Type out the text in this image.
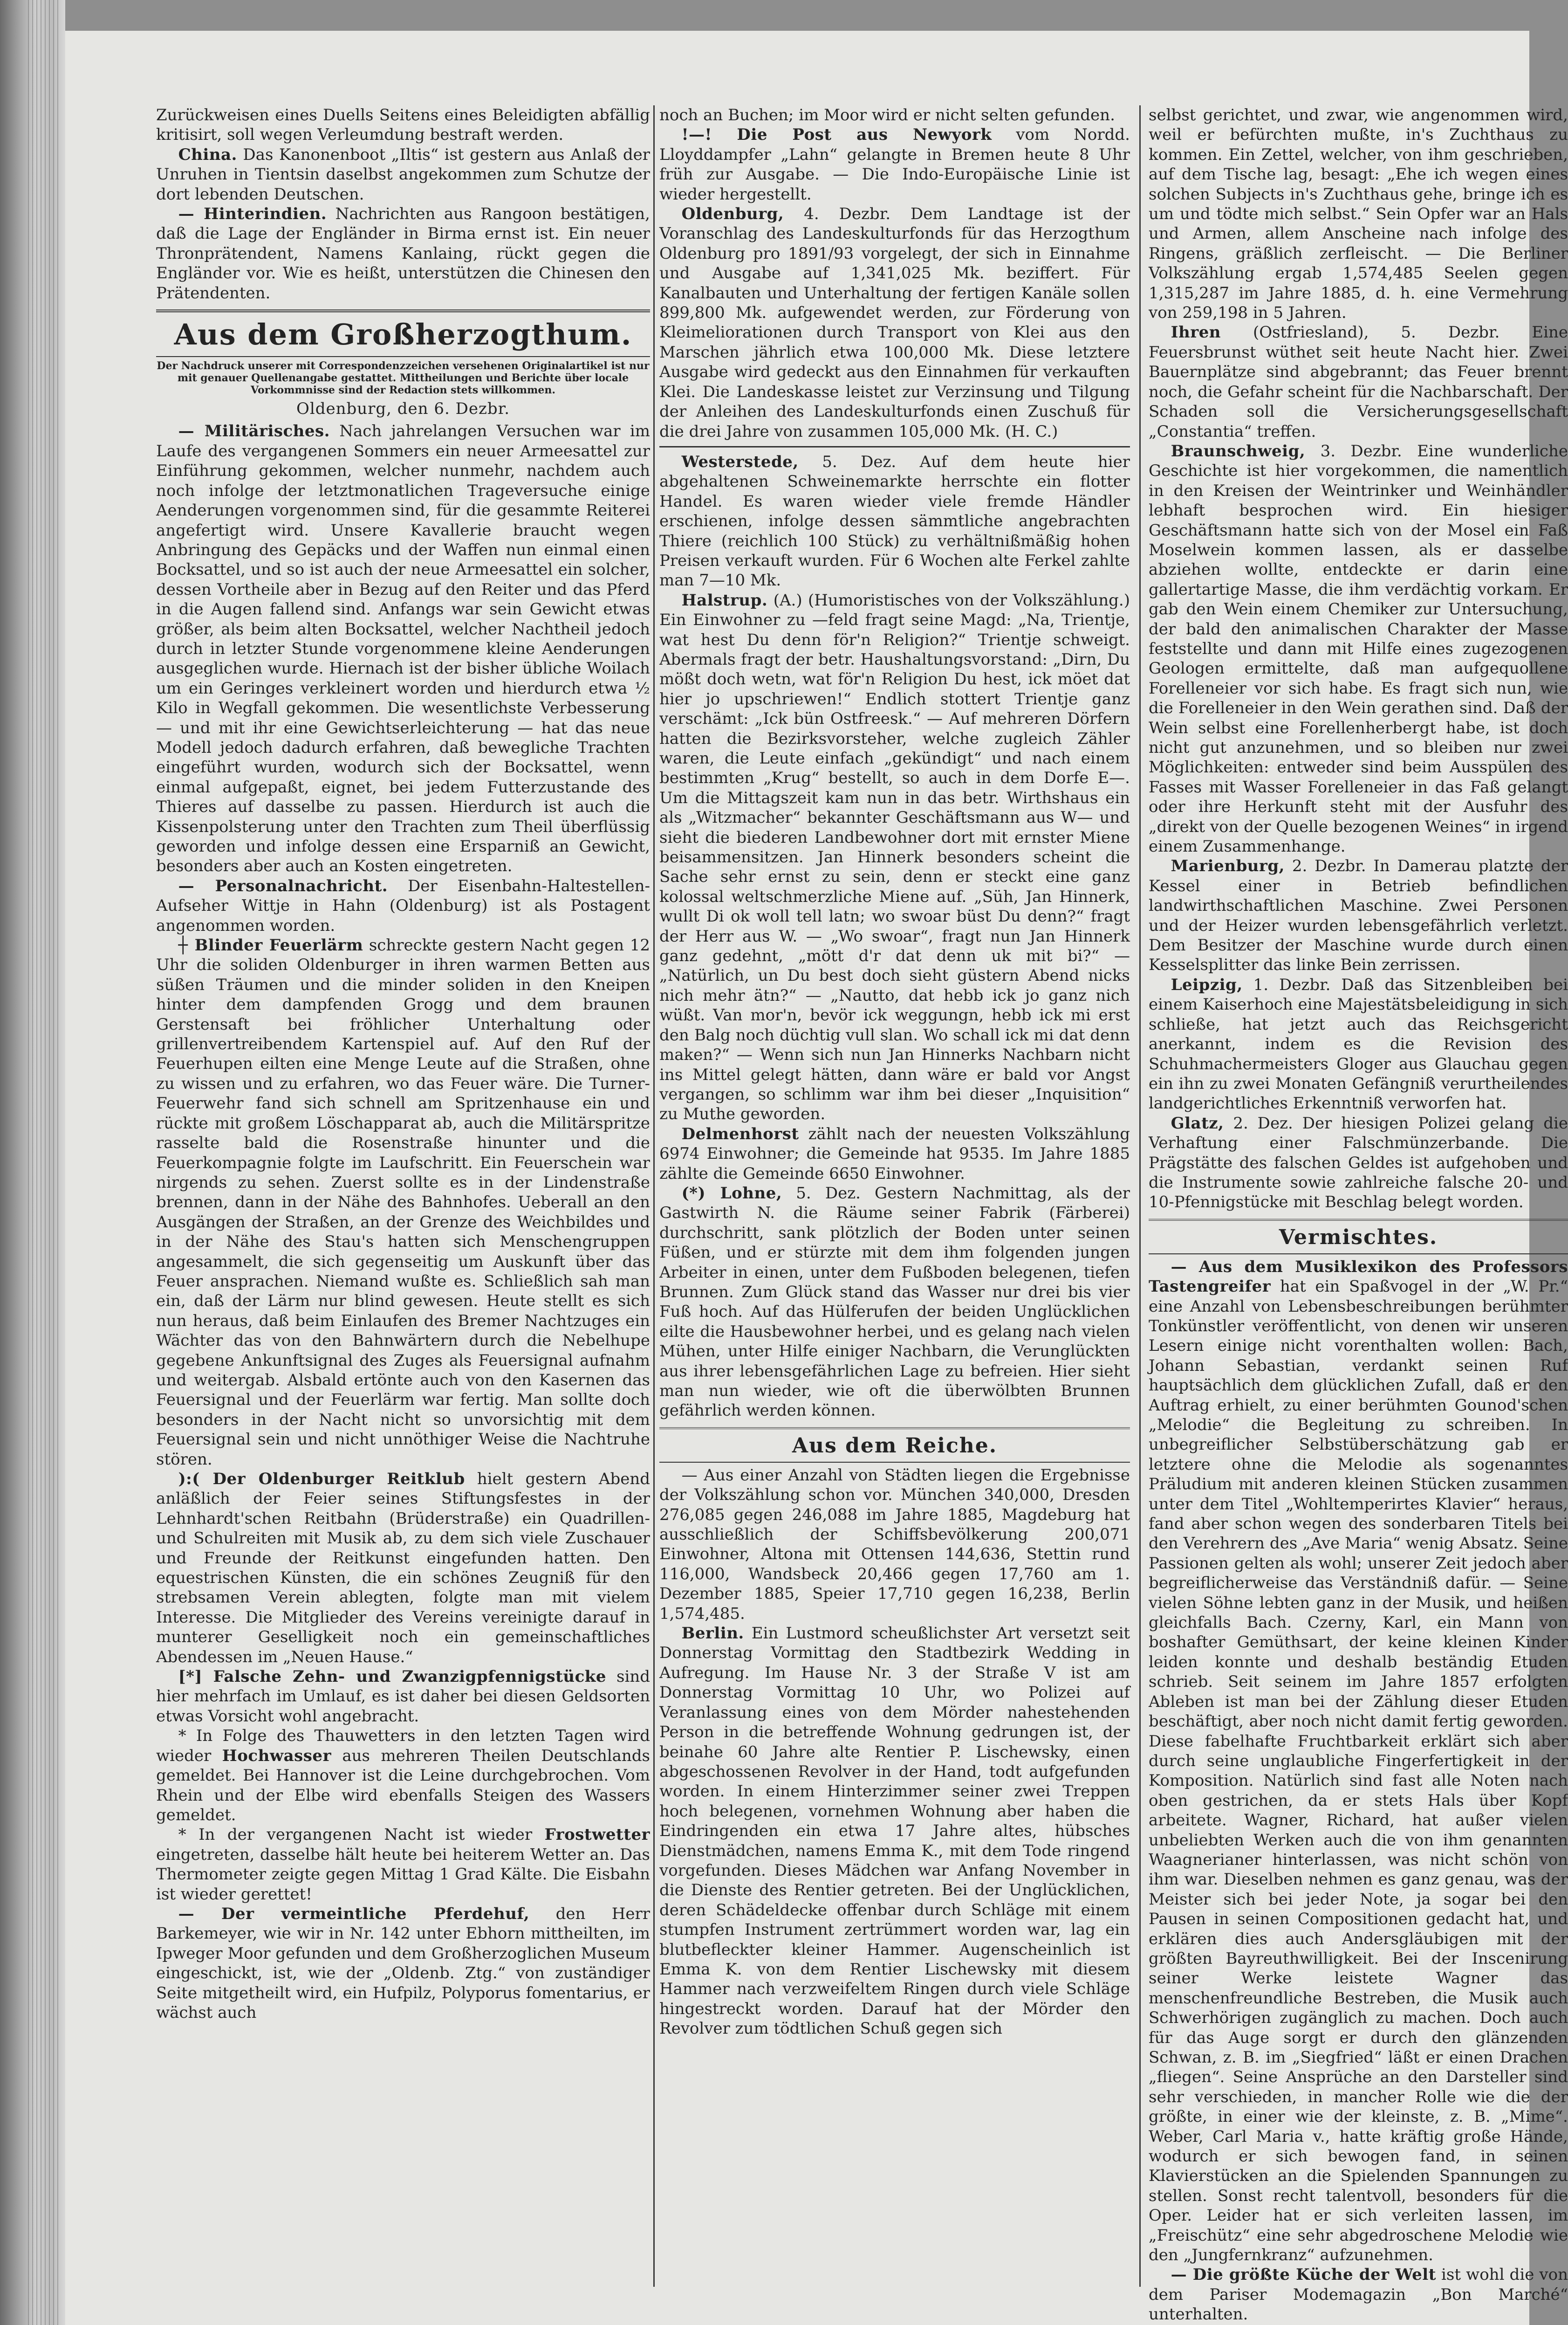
Zurückweisen eines Duells Seitens eines Beleidigten abfällig kritisirt, soll wegen Verleumdung bestraft werden.

China. Das Kanonenboot „Iltis“ ist gestern aus Anlaß der Unruhen in Tientsin daselbst angekommen zum Schutze der dort lebenden Deutschen.

— Hinterindien. Nachrichten aus Rangoon bestätigen, daß die Lage der Engländer in Birma ernst ist. Ein neuer Thronprätendent, Namens Kanlaing, rückt gegen die Engländer vor. Wie es heißt, unterstützen die Chinesen den Prätendenten.

Aus dem Großherzogthum.
Der Nachdruck unserer mit Correspondenzzeichen versehenen Originalartikel ist nur mit genauer Quellenangabe gestattet. Mittheilungen und Berichte über locale Vorkommnisse sind der Redaction stets willkommen.
Oldenburg, den 6. Dezbr.

— Militärisches. Nach jahrelangen Versuchen war im Laufe des vergangenen Sommers ein neuer Armeesattel zur Einführung gekommen, welcher nunmehr, nachdem auch noch infolge der letztmonatlichen Trageversuche einige Aenderungen vorgenommen sind, für die gesammte Reiterei angefertigt wird. Unsere Kavallerie braucht wegen Anbringung des Gepäcks und der Waffen nun einmal einen Bocksattel, und so ist auch der neue Armeesattel ein solcher, dessen Vortheile aber in Bezug auf den Reiter und das Pferd in die Augen fallend sind. Anfangs war sein Gewicht etwas größer, als beim alten Bocksattel, welcher Nachtheil jedoch durch in letzter Stunde vorgenommene kleine Aenderungen ausgeglichen wurde. Hiernach ist der bisher übliche Woilach um ein Geringes verkleinert worden und hierdurch etwa ½ Kilo in Wegfall gekommen. Die wesentlichste Verbesserung — und mit ihr eine Gewichtserleichterung — hat das neue Modell jedoch dadurch erfahren, daß bewegliche Trachten eingeführt wurden, wodurch sich der Bocksattel, wenn einmal aufgepaßt, eignet, bei jedem Futterzustande des Thieres auf dasselbe zu passen. Hierdurch ist auch die Kissenpolsterung unter den Trachten zum Theil überflüssig geworden und infolge dessen eine Ersparniß an Gewicht, besonders aber auch an Kosten eingetreten.

— Personalnachricht. Der Eisenbahn-Haltestellen-Aufseher Wittje in Hahn (Oldenburg) ist als Postagent angenommen worden.

┼ Blinder Feuerlärm schreckte gestern Nacht gegen 12 Uhr die soliden Oldenburger in ihren warmen Betten aus süßen Träumen und die minder soliden in den Kneipen hinter dem dampfenden Grogg und dem braunen Gerstensaft bei fröhlicher Unterhaltung oder grillenvertreibendem Kartenspiel auf. Auf den Ruf der Feuerhupen eilten eine Menge Leute auf die Straßen, ohne zu wissen und zu erfahren, wo das Feuer wäre. Die Turner-Feuerwehr fand sich schnell am Spritzenhause ein und rückte mit großem Löschapparat ab, auch die Militärspritze rasselte bald die Rosenstraße hinunter und die Feuerkompagnie folgte im Laufschritt. Ein Feuerschein war nirgends zu sehen. Zuerst sollte es in der Lindenstraße brennen, dann in der Nähe des Bahnhofes. Ueberall an den Ausgängen der Straßen, an der Grenze des Weichbildes und in der Nähe des Stau's hatten sich Menschengruppen angesammelt, die sich gegenseitig um Auskunft über das Feuer ansprachen. Niemand wußte es. Schließlich sah man ein, daß der Lärm nur blind gewesen. Heute stellt es sich nun heraus, daß beim Einlaufen des Bremer Nachtzuges ein Wächter das von den Bahnwärtern durch die Nebelhupe gegebene Ankunftsignal des Zuges als Feuersignal aufnahm und weitergab. Alsbald ertönte auch von den Kasernen das Feuersignal und der Feuerlärm war fertig. Man sollte doch besonders in der Nacht nicht so unvorsichtig mit dem Feuersignal sein und nicht unnöthiger Weise die Nachtruhe stören.

):( Der Oldenburger Reitklub hielt gestern Abend anläßlich der Feier seines Stiftungsfestes in der Lehnhardt'schen Reitbahn (Brüderstraße) ein Quadrillen- und Schulreiten mit Musik ab, zu dem sich viele Zuschauer und Freunde der Reitkunst eingefunden hatten. Den equestrischen Künsten, die ein schönes Zeugniß für den strebsamen Verein ablegten, folgte man mit vielem Interesse. Die Mitglieder des Vereins vereinigte darauf in munterer Geselligkeit noch ein gemeinschaftliches Abendessen im „Neuen Hause.“

[*] Falsche Zehn- und Zwanzigpfennigstücke sind hier mehrfach im Umlauf, es ist daher bei diesen Geldsorten etwas Vorsicht wohl angebracht.

* In Folge des Thauwetters in den letzten Tagen wird wieder Hochwasser aus mehreren Theilen Deutschlands gemeldet. Bei Hannover ist die Leine durchgebrochen. Vom Rhein und der Elbe wird ebenfalls Steigen des Wassers gemeldet.

* In der vergangenen Nacht ist wieder Frostwetter eingetreten, dasselbe hält heute bei heiterem Wetter an. Das Thermometer zeigte gegen Mittag 1 Grad Kälte. Die Eisbahn ist wieder gerettet!

— Der vermeintliche Pferdehuf, den Herr Barkemeyer, wie wir in Nr. 142 unter Ebhorn mittheilten, im Ipweger Moor gefunden und dem Großherzoglichen Museum eingeschickt, ist, wie der „Oldenb. Ztg.“ von zuständiger Seite mitgetheilt wird, ein Hufpilz, Polyporus fomentarius, er wächst auch

noch an Buchen; im Moor wird er nicht selten gefunden.

!—! Die Post aus Newyork vom Nordd. Lloyddampfer „Lahn“ gelangte in Bremen heute 8 Uhr früh zur Ausgabe. — Die Indo-Europäische Linie ist wieder hergestellt.

Oldenburg, 4. Dezbr. Dem Landtage ist der Voranschlag des Landeskulturfonds für das Herzogthum Oldenburg pro 1891/93 vorgelegt, der sich in Einnahme und Ausgabe auf 1,341,025 Mk. beziffert. Für Kanalbauten und Unterhaltung der fertigen Kanäle sollen 899,800 Mk. aufgewendet werden, zur Förderung von Kleimeliorationen durch Transport von Klei aus den Marschen jährlich etwa 100,000 Mk. Diese letztere Ausgabe wird gedeckt aus den Einnahmen für verkauften Klei. Die Landeskasse leistet zur Verzinsung und Tilgung der Anleihen des Landeskulturfonds einen Zuschuß für die drei Jahre von zusammen 105,000 Mk. (H. C.)

Westerstede, 5. Dez. Auf dem heute hier abgehaltenen Schweinemarkte herrschte ein flotter Handel. Es waren wieder viele fremde Händler erschienen, infolge dessen sämmtliche angebrachten Thiere (reichlich 100 Stück) zu verhältnißmäßig hohen Preisen verkauft wurden. Für 6 Wochen alte Ferkel zahlte man 7—10 Mk.

Halstrup. (A.) (Humoristisches von der Volkszählung.) Ein Einwohner zu —feld fragt seine Magd: „Na, Trientje, wat hest Du denn för'n Religion?“ Trientje schweigt. Abermals fragt der betr. Haushaltungsvorstand: „Dirn, Du mößt doch wetn, wat för'n Religion Du hest, ick möet dat hier jo upschriewen!“ Endlich stottert Trientje ganz verschämt: „Ick bün Ostfreesk.“ — Auf mehreren Dörfern hatten die Bezirksvorsteher, welche zugleich Zähler waren, die Leute einfach „gekündigt“ und nach einem bestimmten „Krug“ bestellt, so auch in dem Dorfe E—. Um die Mittagszeit kam nun in das betr. Wirthshaus ein als „Witzmacher“ bekannter Geschäftsmann aus W— und sieht die biederen Landbewohner dort mit ernster Miene beisammensitzen. Jan Hinnerk besonders scheint die Sache sehr ernst zu sein, denn er steckt eine ganz kolossal weltschmerzliche Miene auf. „Süh, Jan Hinnerk, wullt Di ok woll tell latn; wo swoar büst Du denn?“ fragt der Herr aus W. — „Wo swoar“, fragt nun Jan Hinnerk ganz gedehnt, „mött d'r dat denn uk mit bi?“ — „Natürlich, un Du best doch sieht güstern Abend nicks nich mehr ätn?“ — „Nautto, dat hebb ick jo ganz nich wüßt. Van mor'n, bevör ick weggungn, hebb ick mi erst den Balg noch düchtig vull slan. Wo schall ick mi dat denn maken?“ — Wenn sich nun Jan Hinnerks Nachbarn nicht ins Mittel gelegt hätten, dann wäre er bald vor Angst vergangen, so schlimm war ihm bei dieser „Inquisition“ zu Muthe geworden.

Delmenhorst zählt nach der neuesten Volkszählung 6974 Einwohner; die Gemeinde hat 9535. Im Jahre 1885 zählte die Gemeinde 6650 Einwohner.

(*) Lohne, 5. Dez. Gestern Nachmittag, als der Gastwirth N. die Räume seiner Fabrik (Färberei) durchschritt, sank plötzlich der Boden unter seinen Füßen, und er stürzte mit dem ihm folgenden jungen Arbeiter in einen, unter dem Fußboden belegenen, tiefen Brunnen. Zum Glück stand das Wasser nur drei bis vier Fuß hoch. Auf das Hülferufen der beiden Unglücklichen eilte die Hausbewohner herbei, und es gelang nach vielen Mühen, unter Hilfe einiger Nachbarn, die Verunglückten aus ihrer lebensgefährlichen Lage zu befreien. Hier sieht man nun wieder, wie oft die überwölbten Brunnen gefährlich werden können.

Aus dem Reiche.

— Aus einer Anzahl von Städten liegen die Ergebnisse der Volkszählung schon vor. München 340,000, Dresden 276,085 gegen 246,088 im Jahre 1885, Magdeburg hat ausschließlich der Schiffsbevölkerung 200,071 Einwohner, Altona mit Ottensen 144,636, Stettin rund 116,000, Wandsbeck 20,466 gegen 17,760 am 1. Dezember 1885, Speier 17,710 gegen 16,238, Berlin 1,574,485.

Berlin. Ein Lustmord scheußlichster Art versetzt seit Donnerstag Vormittag den Stadtbezirk Wedding in Aufregung. Im Hause Nr. 3 der Straße V ist am Donnerstag Vormittag 10 Uhr, wo Polizei auf Veranlassung eines von dem Mörder nahestehenden Person in die betreffende Wohnung gedrungen ist, der beinahe 60 Jahre alte Rentier P. Lischewsky, einen abgeschossenen Revolver in der Hand, todt aufgefunden worden. In einem Hinterzimmer seiner zwei Treppen hoch belegenen, vornehmen Wohnung aber haben die Eindringenden ein etwa 17 Jahre altes, hübsches Dienstmädchen, namens Emma K., mit dem Tode ringend vorgefunden. Dieses Mädchen war Anfang November in die Dienste des Rentier getreten. Bei der Unglücklichen, deren Schädeldecke offenbar durch Schläge mit einem stumpfen Instrument zertrümmert worden war, lag ein blutbefleckter kleiner Hammer. Augenscheinlich ist Emma K. von dem Rentier Lischewsky mit diesem Hammer nach verzweifeltem Ringen durch viele Schläge hingestreckt worden. Darauf hat der Mörder den Revolver zum tödtlichen Schuß gegen sich

selbst gerichtet, und zwar, wie angenommen wird, weil er befürchten mußte, in's Zuchthaus zu kommen. Ein Zettel, welcher, von ihm geschrieben, auf dem Tische lag, besagt: „Ehe ich wegen eines solchen Subjects in's Zuchthaus gehe, bringe ich es um und tödte mich selbst.“ Sein Opfer war an Hals und Armen, allem Anscheine nach infolge des Ringens, gräßlich zerfleischt. — Die Berliner Volkszählung ergab 1,574,485 Seelen gegen 1,315,287 im Jahre 1885, d. h. eine Vermehrung von 259,198 in 5 Jahren.

Ihren (Ostfriesland), 5. Dezbr. Eine Feuersbrunst wüthet seit heute Nacht hier. Zwei Bauernplätze sind abgebrannt; das Feuer brennt noch, die Gefahr scheint für die Nachbarschaft. Der Schaden soll die Versicherungsgesellschaft „Constantia“ treffen.

Braunschweig, 3. Dezbr. Eine wunderliche Geschichte ist hier vorgekommen, die namentlich in den Kreisen der Weintrinker und Weinhändler lebhaft besprochen wird. Ein hiesiger Geschäftsmann hatte sich von der Mosel ein Faß Moselwein kommen lassen, als er dasselbe abziehen wollte, entdeckte er darin eine gallertartige Masse, die ihm verdächtig vorkam. Er gab den Wein einem Chemiker zur Untersuchung, der bald den animalischen Charakter der Masse feststellte und dann mit Hilfe eines zugezogenen Geologen ermittelte, daß man aufgequollene Forelleneier vor sich habe. Es fragt sich nun, wie die Forelleneier in den Wein gerathen sind. Daß der Wein selbst eine Forellenherbergt habe, ist doch nicht gut anzunehmen, und so bleiben nur zwei Möglichkeiten: entweder sind beim Ausspülen des Fasses mit Wasser Forelleneier in das Faß gelangt oder ihre Herkunft steht mit der Ausfuhr des „direkt von der Quelle bezogenen Weines“ in irgend einem Zusammenhange.

Marienburg, 2. Dezbr. In Damerau platzte der Kessel einer in Betrieb befindlichen landwirthschaftlichen Maschine. Zwei Personen und der Heizer wurden lebensgefährlich verletzt. Dem Besitzer der Maschine wurde durch einen Kesselsplitter das linke Bein zerrissen.

Leipzig, 1. Dezbr. Daß das Sitzenbleiben bei einem Kaiserhoch eine Majestätsbeleidigung in sich schließe, hat jetzt auch das Reichsgericht anerkannt, indem es die Revision des Schuhmachermeisters Gloger aus Glauchau gegen ein ihn zu zwei Monaten Gefängniß verurtheilendes landgerichtliches Erkenntniß verworfen hat.

Glatz, 2. Dez. Der hiesigen Polizei gelang die Verhaftung einer Falschmünzerbande. Die Prägstätte des falschen Geldes ist aufgehoben und die Instrumente sowie zahlreiche falsche 20- und 10-Pfennigstücke mit Beschlag belegt worden.

Vermischtes.

— Aus dem Musiklexikon des Professors Tastengreifer hat ein Spaßvogel in der „W. Pr.“ eine Anzahl von Lebensbeschreibungen berühmter Tonkünstler veröffentlicht, von denen wir unseren Lesern einige nicht vorenthalten wollen: Bach, Johann Sebastian, verdankt seinen Ruf hauptsächlich dem glücklichen Zufall, daß er den Auftrag erhielt, zu einer berühmten Gounod'schen „Melodie“ die Begleitung zu schreiben. In unbegreiflicher Selbstüberschätzung gab er letztere ohne die Melodie als sogenanntes Präludium mit anderen kleinen Stücken zusammen unter dem Titel „Wohltemperirtes Klavier“ heraus, fand aber schon wegen des sonderbaren Titels bei den Verehrern des „Ave Maria“ wenig Absatz. Seine Passionen gelten als wohl; unserer Zeit jedoch aber begreiflicherweise das Verständniß dafür. — Seine vielen Söhne lebten ganz in der Musik, und heißen gleichfalls Bach. Czerny, Karl, ein Mann von boshafter Gemüthsart, der keine kleinen Kinder leiden konnte und deshalb beständig Etuden schrieb. Seit seinem im Jahre 1857 erfolgten Ableben ist man bei der Zählung dieser Etuden beschäftigt, aber noch nicht damit fertig geworden. Diese fabelhafte Fruchtbarkeit erklärt sich aber durch seine unglaubliche Fingerfertigkeit in der Komposition. Natürlich sind fast alle Noten nach oben gestrichen, da er stets Hals über Kopf arbeitete. Wagner, Richard, hat außer vielen unbeliebten Werken auch die von ihm genannten Waagnerianer hinterlassen, was nicht schön von ihm war. Dieselben nehmen es ganz genau, was der Meister sich bei jeder Note, ja sogar bei den Pausen in seinen Compositionen gedacht hat, und erklären dies auch Andersgläubigen mit der größten Bayreuthwilligkeit. Bei der Inscenirung seiner Werke leistete Wagner das menschenfreundliche Bestreben, die Musik auch Schwerhörigen zugänglich zu machen. Doch auch für das Auge sorgt er durch den glänzenden Schwan, z. B. im „Siegfried“ läßt er einen Drachen „fliegen“. Seine Ansprüche an den Darsteller sind sehr verschieden, in mancher Rolle wie die der größte, in einer wie der kleinste, z. B. „Mime“. Weber, Carl Maria v., hatte kräftig große Hände, wodurch er sich bewogen fand, in seinen Klavierstücken an die Spielenden Spannungen zu stellen. Sonst recht talentvoll, besonders für die Oper. Leider hat er sich verleiten lassen, im „Freischütz“ eine sehr abgedroschene Melodie wie den „Jungfernkranz“ aufzunehmen.

— Die größte Küche der Welt ist wohl die von dem Pariser Modemagazin „Bon Marché“ unterhalten.
